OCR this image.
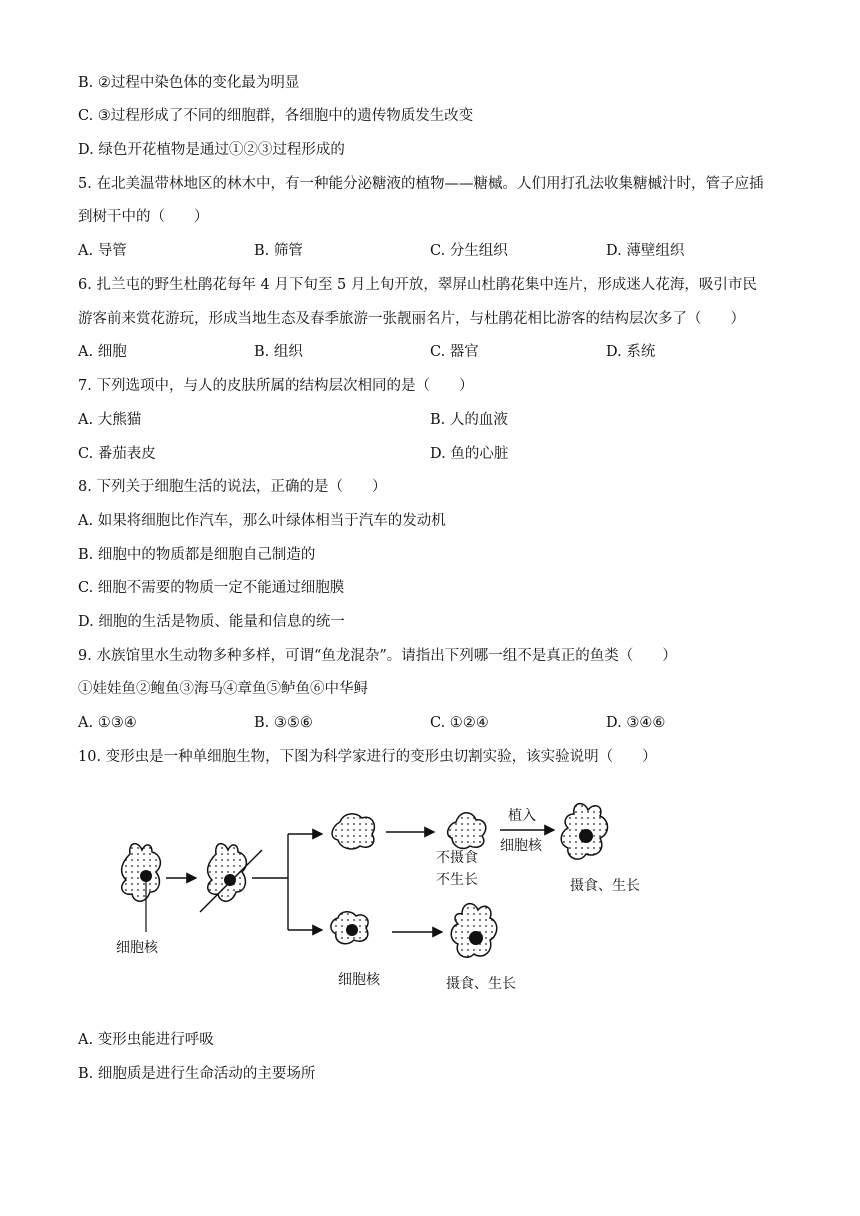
B. ②过程中染色体的变化最为明显
C. ③过程形成了不同的细胞群，各细胞中的遗传物质发生改变
D. 绿色开花植物是通过①②③过程形成的
5. 在北美温带林地区的林木中，有一种能分泌糖液的植物——糖槭。人们用打孔法收集糖槭汁时，管子应插
到树干中的（　　）
A. 导管	B. 筛管	C. 分生组织	D. 薄壁组织
6. 扎兰屯的野生杜鹃花每年 4 月下旬至 5 月上旬开放，翠屏山杜鹃花集中连片，形成迷人花海，吸引市民
游客前来赏花游玩，形成当地生态及春季旅游一张靓丽名片，与杜鹃花相比游客的结构层次多了（　　）
A. 细胞	B. 组织	C. 器官	D. 系统
7. 下列选项中，与人的皮肤所属的结构层次相同的是（　　）
A. 大熊猫	B. 人的血液
C. 番茄表皮	D. 鱼的心脏
8. 下列关于细胞生活的说法，正确的是（　　）
A. 如果将细胞比作汽车，那么叶绿体相当于汽车的发动机
B. 细胞中的物质都是细胞自己制造的
C. 细胞不需要的物质一定不能通过细胞膜
D. 细胞的生活是物质、能量和信息的统一
9. 水族馆里水生动物多种多样，可谓“鱼龙混杂”。请指出下列哪一组不是真正的鱼类（　　）
①娃娃鱼②鲍鱼③海马④章鱼⑤鲈鱼⑥中华鲟
A. ①③④	B. ③⑤⑥	C. ①②④	D. ③④⑥
10. 变形虫是一种单细胞生物，下图为科学家进行的变形虫切割实验，该实验说明（　　）
细胞核
不摄食
不生长
植入
细胞核
摄食、生长
细胞核	摄食、生长
A. 变形虫能进行呼吸
B. 细胞质是进行生命活动的主要场所
